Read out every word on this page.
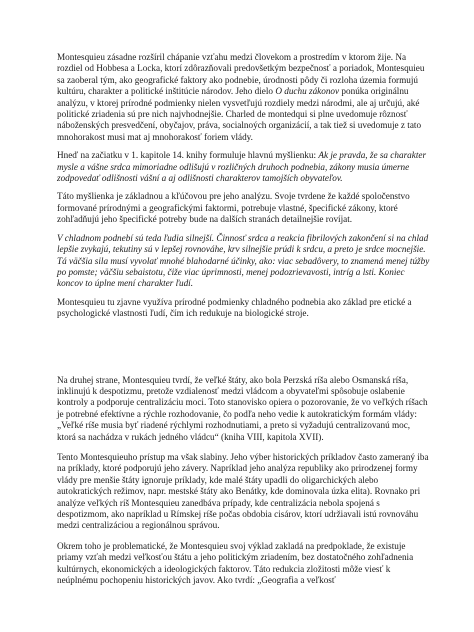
Montesquieu zásadne rozšíril chápanie vzťahu medzi človekom a prostredím v ktorom žije. Na rozdiel od Hobbesa a Locka, ktorí zdôrazňovali predovšetkým bezpečnosť a poriadok, Montesquieu sa zaoberal tým, ako geografické faktory ako podnebie, úrodnosti pôdy či rozloha územia formujú kultúru, charakter a politické inštitúcie národov. Jeho dielo O duchu zákonov ponúka originálnu analýzu, v ktorej prírodné podmienky nielen vysvetľujú rozdiely medzi národmi, ale aj určujú, aké politické zriadenia sú pre nich najvhodnejšie. Charled de montedqui si plne uvedomuje rôznosť náboženských presvedčení, obyčajov, práva, socialnoých organizácií, a tak tiež si uvedomuje z tato mnohorakost musi mat aj mnohorakosť foriem vlády.

Hneď na začiatku v 1. kapitole 14. knihy formuluje hlavnú myšlienku: Ak je pravda, že sa charakter mysle a vášne srdca mimoriadne odlišujú v rozličných druhoch podnebia, zákony musia úmerne zodpovedať odlišnosti vášní a aj odlišnosti charakterov tamojších obyvateľov.

Táto myšlienka je základnou a kľúčovou pre jeho analýzu. Svoje tvrdene že každé spoločenstvo formované prírodnými a geografickými faktormi, potrebuje vlastné, špecifické zákony, ktoré zohľadňujú jeho špecifické potreby bude na dalších stranách detailnejšie rovíjat.

V chladnom podnebí sú teda ľudia silnejší. Činnosť srdca a reakcia fibrilových zakončení si na chlad lepšie zvykajú, tekutiny sú v lepšej rovnováhe, krv silnejšie prúdi k srdcu, a preto je srdce mocnejšie. Tá väčšia sila musí vyvolať mnohé blahodarné účinky, ako: viac sebadôvery, to znamená menej túžby po pomste; väčšiu sebaistotu, čiže viac úprimnosti, menej podozrievavosti, intríg a lsti. Koniec koncov to úplne mení charakter ľudí.

Montesquieu tu zjavne využíva prírodné podmienky chladného podnebia ako základ pre etické a psychologické vlastnosti ľudí, čím ich redukuje na biologické stroje.

Na druhej strane, Montesquieu tvrdí, že veľké štáty, ako bola Perzská ríša alebo Osmanská ríša, inklinujú k despotizmu, pretože vzdialenosť medzi vládcom a obyvateľmi spôsobuje oslabenie kontroly a podporuje centralizáciu moci. Toto stanovisko opiera o pozorovanie, že vo veľkých ríšach je potrebné efektívne a rýchle rozhodovanie, čo podľa neho vedie k autokratickým formám vlády: „Veľké ríše musia byť riadené rýchlymi rozhodnutiami, a preto si vyžadujú centralizovanú moc, ktorá sa nachádza v rukách jedného vládcu“ (kniha VIII, kapitola XVII).

Tento Montesquieuho prístup ma však slabiny. Jeho výber historických príkladov často zameraný iba na príklady, ktoré podporujú jeho závery. Napríklad jeho analýza republiky ako prirodzenej formy vlády pre menšie štáty ignoruje príklady, kde malé štáty upadli do oligarchických alebo autokratických režimov, napr. mestské štáty ako Benátky, kde dominovala úzka elita). Rovnako pri analýze veľkých ríš Montesquieu zanedbáva prípady, kde centralizácia nebola spojená s despotizmom, ako napríklad u Rímskej ríše počas obdobia cisárov, ktorí udržiavali istú rovnováhu medzi centralizáciou a regionálnou správou.

Okrem toho je problematické, že Montesquieu svoj výklad zakladá na predpoklade, že existuje priamy vzťah medzi veľkosťou štátu a jeho politickým zriadením, bez dostatočného zohľadnenia kultúrnych, ekonomických a ideologických faktorov. Táto redukcia zložitosti môže viesť k neúplnému pochopeniu historických javov. Ako tvrdí: „Geografia a veľkosť
